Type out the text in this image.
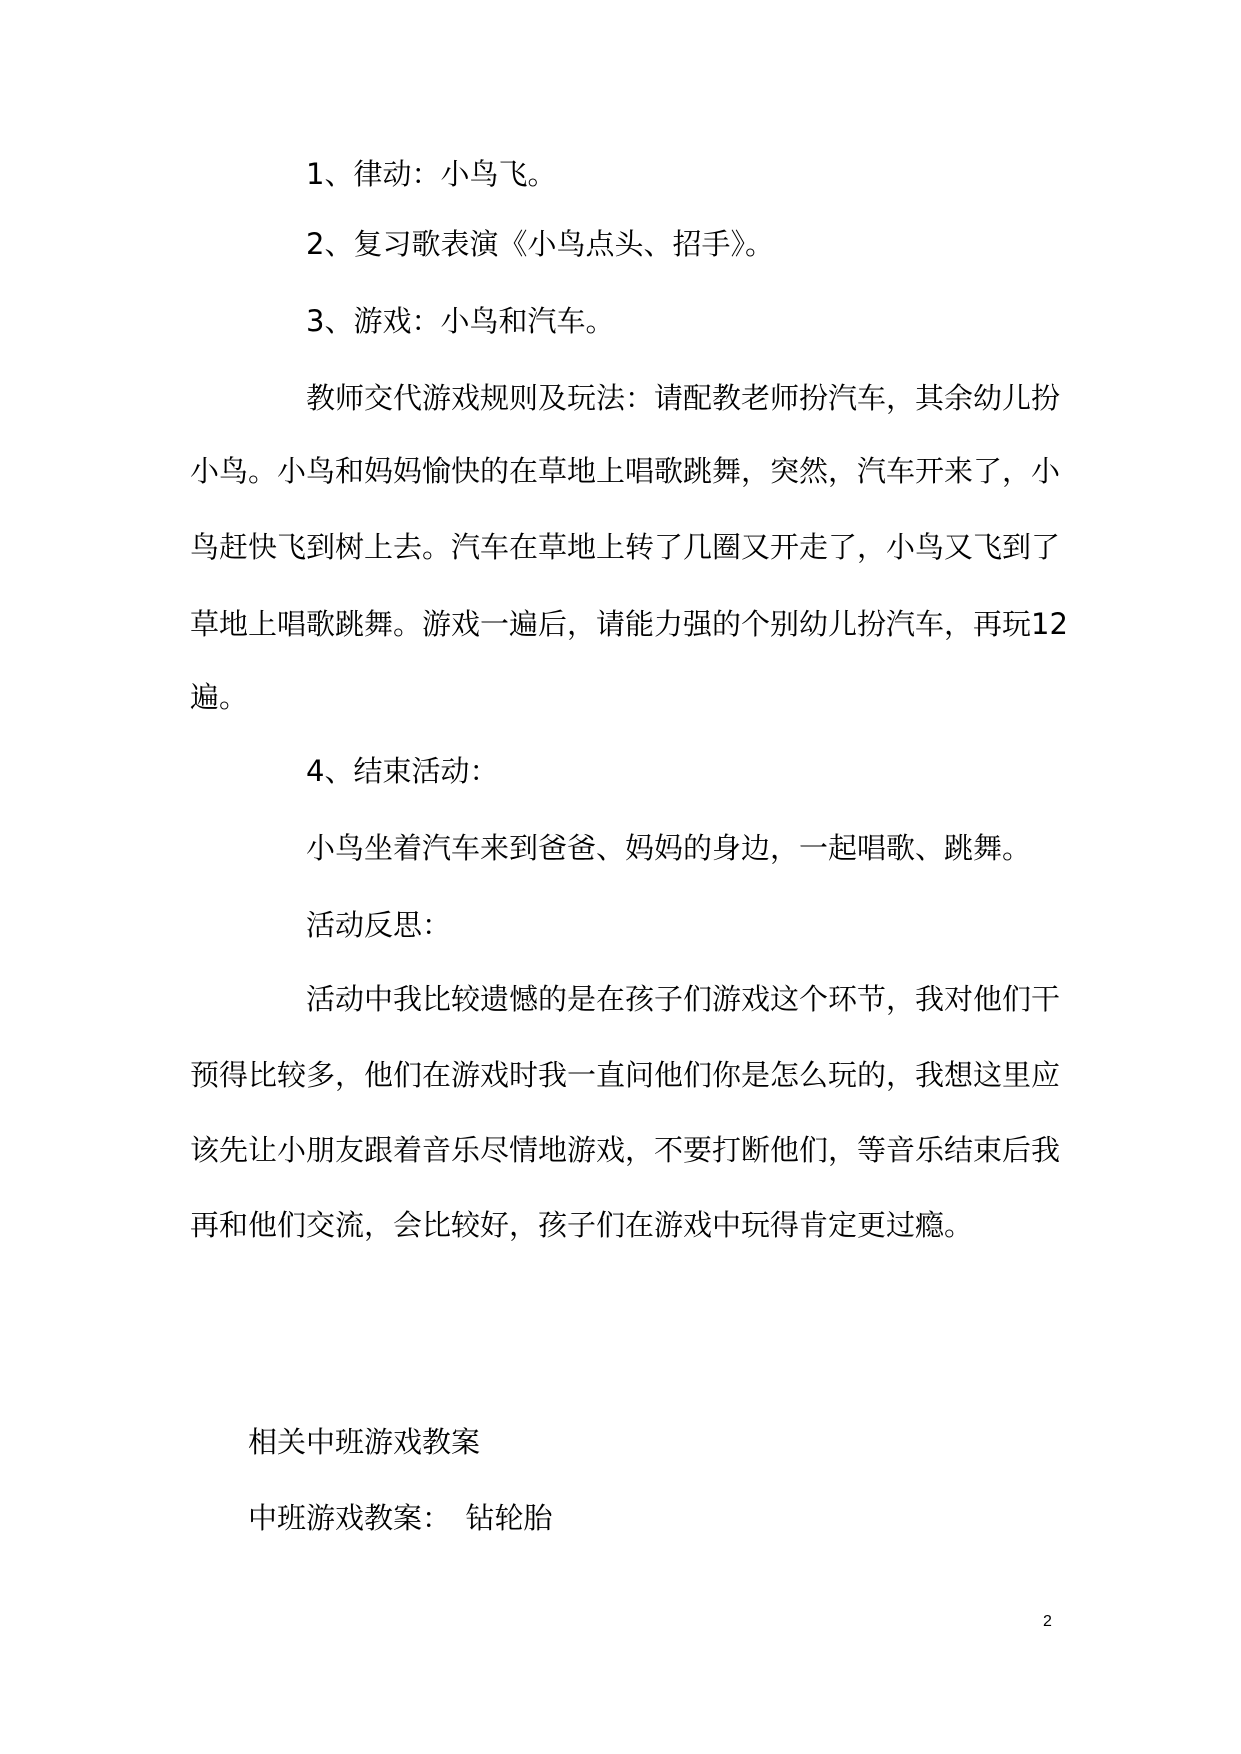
1、律动：小鸟飞。
2、复习歌表演《小鸟点头、招手》。
3、游戏：小鸟和汽车。
教师交代游戏规则及玩法：请配教老师扮汽车，其余幼儿扮
小鸟。小鸟和妈妈愉快的在草地上唱歌跳舞，突然，汽车开来了，小
鸟赶快飞到树上去。汽车在草地上转了几圈又开走了，小鸟又飞到了
草地上唱歌跳舞。游戏一遍后，请能力强的个别幼儿扮汽车，再玩12
遍。
4、结束活动：
小鸟坐着汽车来到爸爸、妈妈的身边，一起唱歌、跳舞。
活动反思：
活动中我比较遗憾的是在孩子们游戏这个环节，我对他们干
预得比较多，他们在游戏时我一直问他们你是怎么玩的，我想这里应
该先让小朋友跟着音乐尽情地游戏，不要打断他们，等音乐结束后我
再和他们交流，会比较好，孩子们在游戏中玩得肯定更过瘾。
相关中班游戏教案
中班游戏教案：　钻轮胎
2
